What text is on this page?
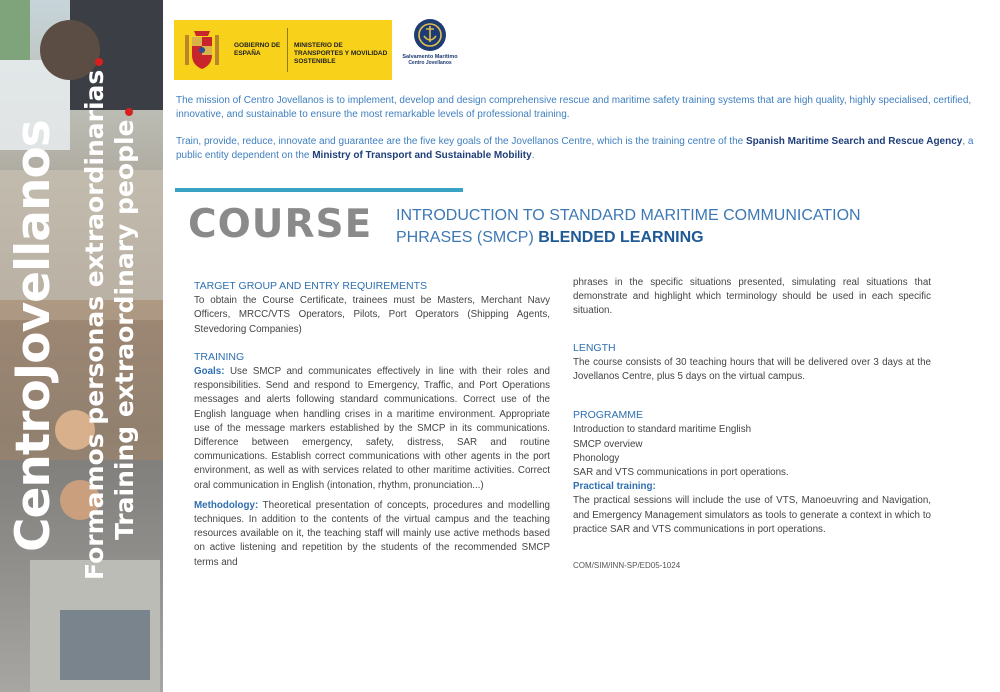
CentroJovellanos Formamos personas extraordinarias Training extraordinary people
GOBIERNO DE ESPAÑA
MINISTERIO DE TRANSPORTES Y MOVILIDAD SOSTENIBLE
Salvamento Marítimo
Centro Jovellanos

The mission of Centro Jovellanos is to implement, develop and design comprehensive rescue and maritime safety training systems that are high quality, highly specialised, certified, innovative, and sustainable to ensure the most remarkable levels of professional training.

Train, provide, reduce, innovate and guarantee are the five key goals of the Jovellanos Centre, which is the training centre of the Spanish Maritime Search and Rescue Agency, a public entity dependent on the Ministry of Transport and Sustainable Mobility.

COURSE INTRODUCTION TO STANDARD MARITIME COMMUNICATION
PHRASES (SMCP) BLENDED LEARNING
TARGET GROUP AND ENTRY REQUIREMENTS

To obtain the Course Certificate, trainees must be Masters, Merchant Navy Officers, MRCC/VTS Operators, Pilots, Port Operators (Shipping Agents, Stevedoring Companies)

TRAINING

Goals: Use SMCP and communicates effectively in line with their roles and responsibilities. Send and respond to Emergency, Traffic, and Port Operations messages and alerts following standard communications. Correct use of the English language when handling crises in a maritime environment. Appropriate use of the message markers established by the SMCP in its communications. Difference between emergency, safety, distress, SAR and routine communications. Establish correct communications with other agents in the port environment, as well as with services related to other maritime activities. Correct oral communication in English (intonation, rhythm, pronunciation...)

Methodology: Theoretical presentation of concepts, procedures and modelling techniques. In addition to the contents of the virtual campus and the teaching resources available on it, the teaching staff will mainly use active methods based on active listening and repetition by the students of the recommended SMCP terms and

phrases in the specific situations presented, simulating real situations that demonstrate and highlight which terminology should be used in each specific situation.

LENGTH

The course consists of 30 teaching hours that will be delivered over 3 days at the Jovellanos Centre, plus 5 days on the virtual campus.

PROGRAMME
Introduction to standard maritime English
SMCP overview
Phonology
SAR and VTS communications in port operations.
Practical training:

The practical sessions will include the use of VTS, Manoeuvring and Navigation, and Emergency Management simulators as tools to generate a context in which to practice SAR and VTS communications in port operations.

COM/SIM/INN-SP/ED05-1024
